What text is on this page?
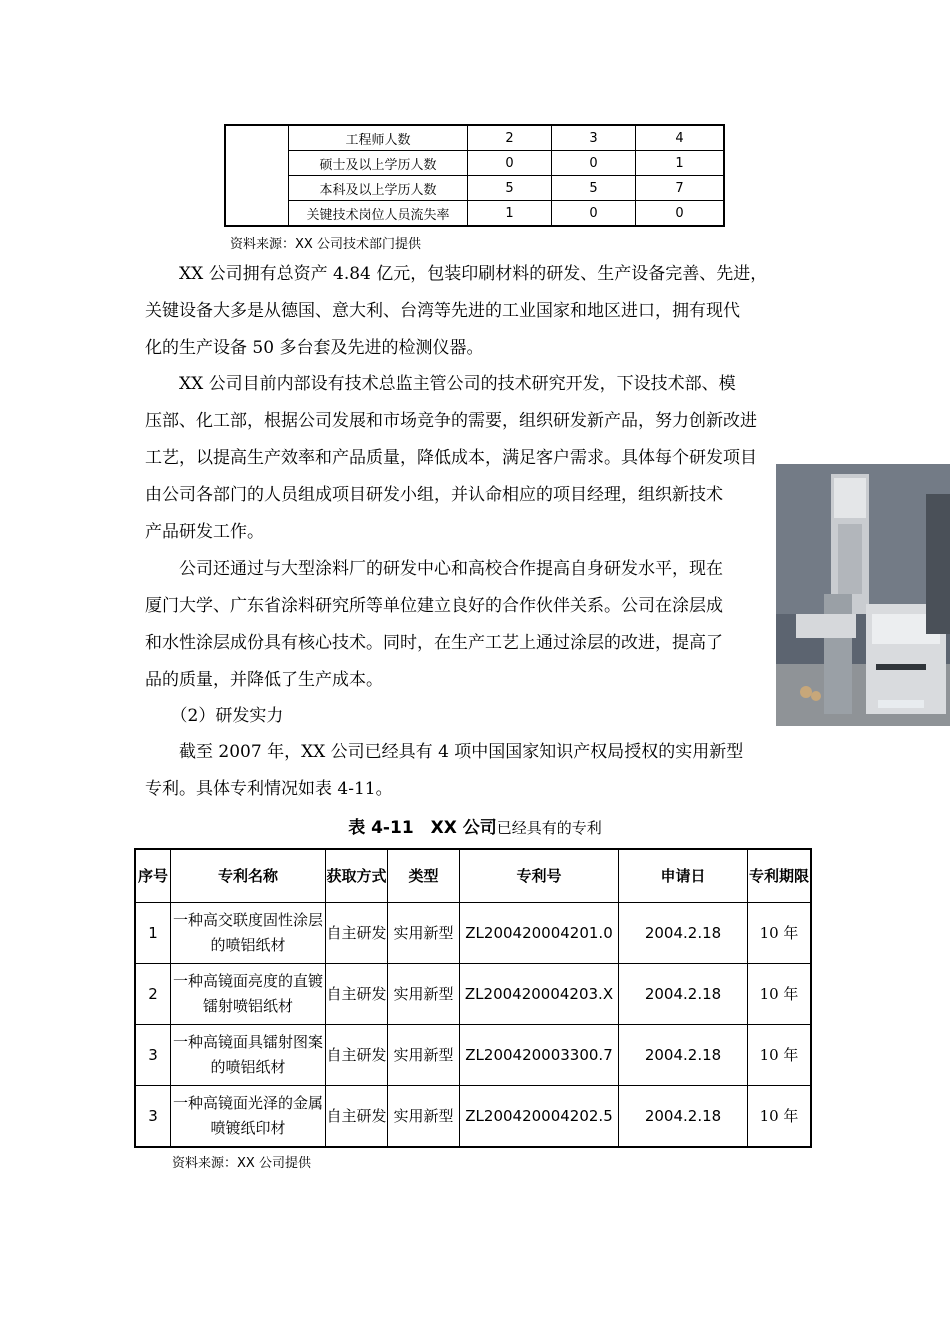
	工程师人数	2	3	4
	硕士及以上学历人数	0	0	1
	本科及以上学历人数	5	5	7
	关键技术岗位人员流失率	1	0	0
资料来源：XX 公司技术部门提供

　　XX 公司拥有总资产 4.84 亿元，包装印刷材料的研发、生产设备完善、先进，
关键设备大多是从德国、意大利、台湾等先进的工业国家和地区进口，拥有现代
化的生产设备 50 多台套及先进的检测仪器。

　　XX 公司目前内部设有技术总监主管公司的技术研究开发，下设技术部、模
压部、化工部，根据公司发展和市场竞争的需要，组织研发新产品，努力创新改进
工艺，以提高生产效率和产品质量，降低成本，满足客户需求。具体每个研发项目
由公司各部门的人员组成项目研发小组，并认命相应的项目经理，组织新技术
产品研发工作。

　　公司还通过与大型涂料厂的研发中心和高校合作提高自身研发水平，现在
厦门大学、广东省涂料研究所等单位建立良好的合作伙伴关系。公司在涂层成
和水性涂层成份具有核心技术。同时，在生产工艺上通过涂层的改进，提高了
品的质量，并降低了生产成本。

　　（2）研发实力

　　截至 2007 年，XX 公司已经具有 4 项中国国家知识产权局授权的实用新型
专利。具体专利情况如表 4-11。

表 4-11　XX 公司已经具有的专利
序号	专利名称	获取方式	类型	专利号	申请日	专利期限
1	一种高交联度固性涂层的喷铝纸材	自主研发	实用新型	ZL200420004201.0	2004.2.18	10 年
2	一种高镜面亮度的直镀镭射喷铝纸材	自主研发	实用新型	ZL200420004203.X	2004.2.18	10 年
3	一种高镜面具镭射图案的喷铝纸材	自主研发	实用新型	ZL200420003300.7	2004.2.18	10 年
3	一种高镜面光泽的金属喷镀纸印材	自主研发	实用新型	ZL200420004202.5	2004.2.18	10 年
资料来源：XX 公司提供
